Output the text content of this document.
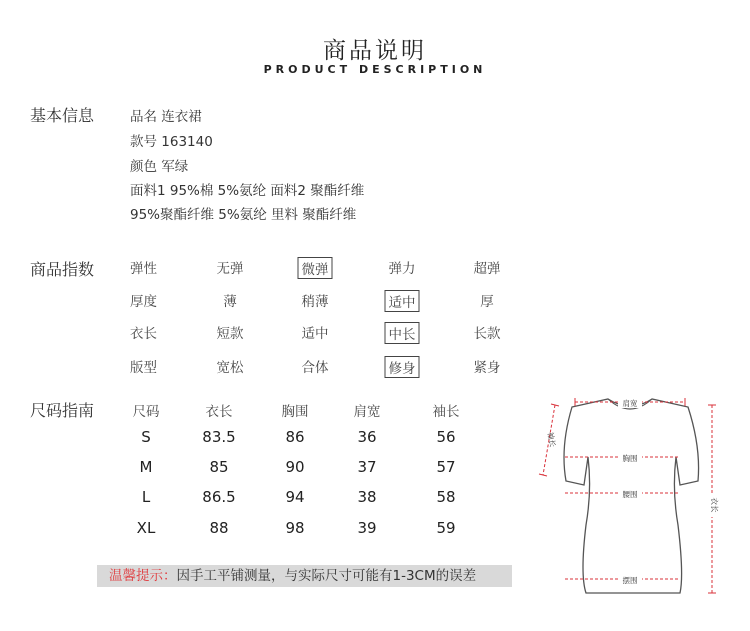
商品说明
PRODUCT DESCRIPTION
基本信息	品名 连衣裙
款号 163140
颜色 军绿
面料1 95%棉 5%氨纶 面料2 聚酯纤维
95%聚酯纤维 5%氨纶 里料 聚酯纤维
商品指数	弹性	无弹	微弹	弹力	超弹
厚度	薄	稍薄	适中	厚
衣长	短款	适中	中长	长款
版型	宽松	合体	修身	紧身
尺码指南	尺码	衣长	胸围	肩宽	袖长
S	83.5	86	36	56
M	85	90	37	57
L	86.5	94	38	58
XL	88	98	39	59
温馨提示：因手工平铺测量，与实际尺寸可能有1-3CM的误差
肩宽
袖长
胸围
腰围
衣长
摆围
